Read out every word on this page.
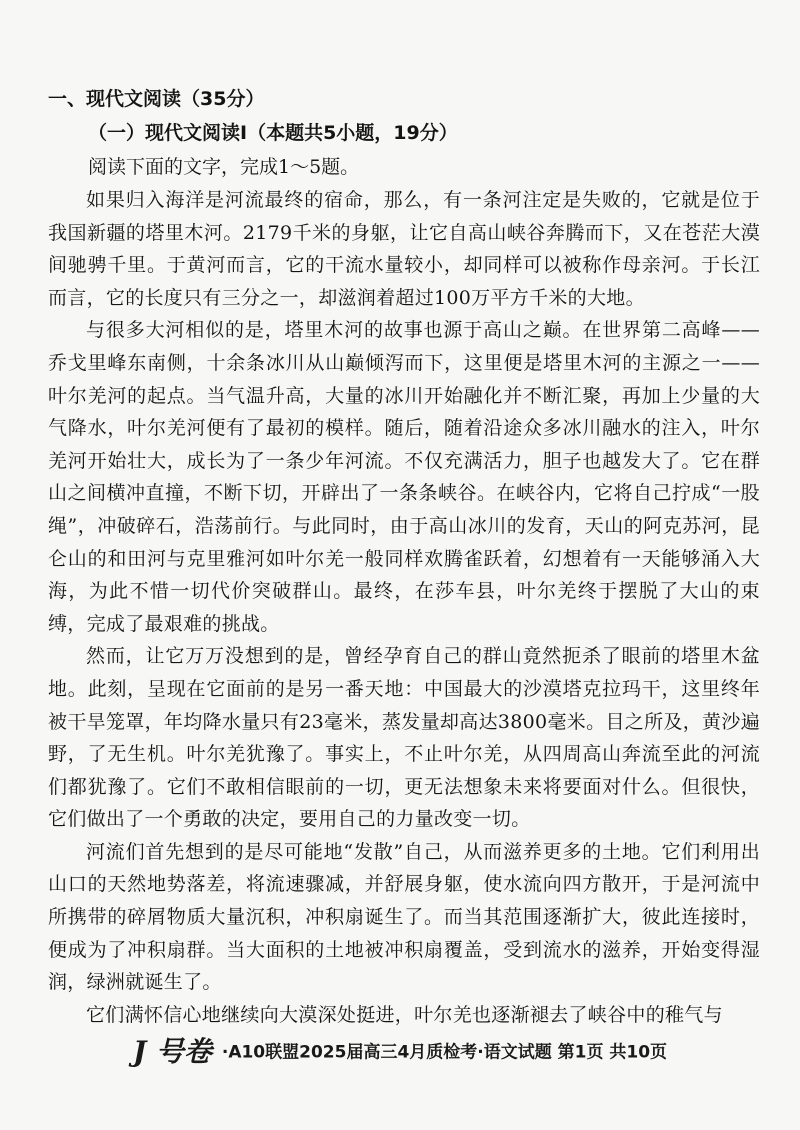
一、现代文阅读（35分）

（一）现代文阅读Ⅰ（本题共5小题，19分）

阅读下面的文字，完成1～5题。

如果归入海洋是河流最终的宿命，那么，有一条河注定是失败的，它就是位于我国新疆的塔里木河。2179千米的身躯，让它自高山峡谷奔腾而下，又在苍茫大漠间驰骋千里。于黄河而言，它的干流水量较小，却同样可以被称作母亲河。于长江而言，它的长度只有三分之一，却滋润着超过100万平方千米的大地。

与很多大河相似的是，塔里木河的故事也源于高山之巅。在世界第二高峰——乔戈里峰东南侧，十余条冰川从山巅倾泻而下，这里便是塔里木河的主源之一——叶尔羌河的起点。当气温升高，大量的冰川开始融化并不断汇聚，再加上少量的大气降水，叶尔羌河便有了最初的模样。随后，随着沿途众多冰川融水的注入，叶尔羌河开始壮大，成长为了一条少年河流。不仅充满活力，胆子也越发大了。它在群山之间横冲直撞，不断下切，开辟出了一条条峡谷。在峡谷内，它将自己拧成“一股绳”，冲破碎石，浩荡前行。与此同时，由于高山冰川的发育，天山的阿克苏河，昆仑山的和田河与克里雅河如叶尔羌一般同样欢腾雀跃着，幻想着有一天能够涌入大海，为此不惜一切代价突破群山。最终，在莎车县，叶尔羌终于摆脱了大山的束缚，完成了最艰难的挑战。

然而，让它万万没想到的是，曾经孕育自己的群山竟然扼杀了眼前的塔里木盆地。此刻，呈现在它面前的是另一番天地：中国最大的沙漠塔克拉玛干，这里终年被干旱笼罩，年均降水量只有23毫米，蒸发量却高达3800毫米。目之所及，黄沙遍野，了无生机。叶尔羌犹豫了。事实上，不止叶尔羌，从四周高山奔流至此的河流们都犹豫了。它们不敢相信眼前的一切，更无法想象未来将要面对什么。但很快，它们做出了一个勇敢的决定，要用自己的力量改变一切。

河流们首先想到的是尽可能地“发散”自己，从而滋养更多的土地。它们利用出山口的天然地势落差，将流速骤减，并舒展身躯，使水流向四方散开，于是河流中所携带的碎屑物质大量沉积，冲积扇诞生了。而当其范围逐渐扩大，彼此连接时，便成为了冲积扇群。当大面积的土地被冲积扇覆盖，受到流水的滋养，开始变得湿润，绿洲就诞生了。

它们满怀信心地继续向大漠深处挺进，叶尔羌也逐渐褪去了峡谷中的稚气与

J 号卷 ·A10联盟2025届高三4月质检考·语文试题 第1页 共10页
